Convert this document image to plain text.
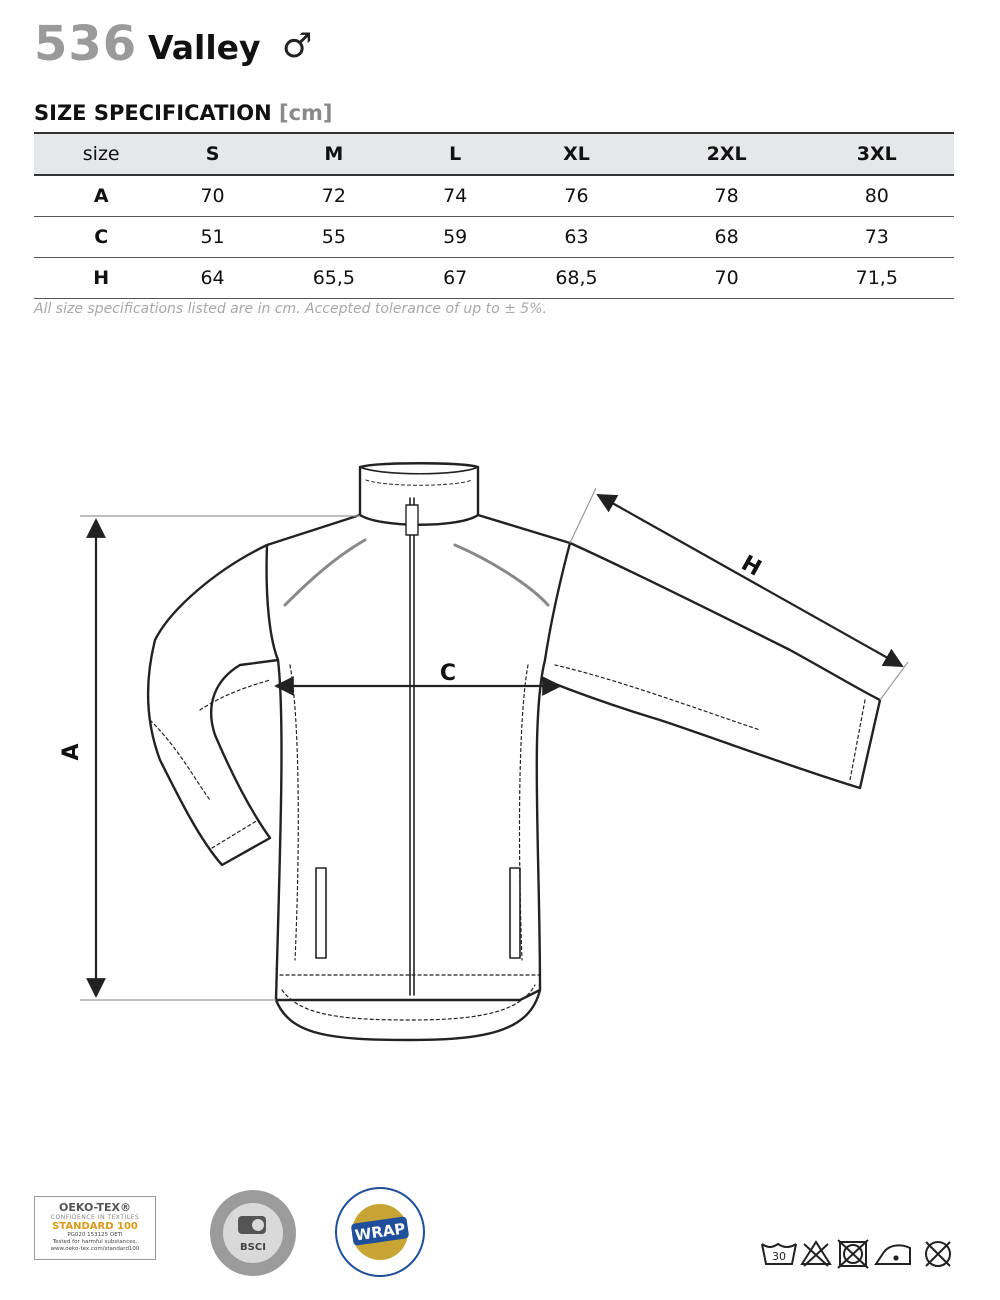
536 Valley ♂
SIZE SPECIFICATION [cm]
size	S	M	L	XL	2XL	3XL
A	70	72	74	76	78	80
C	51	55	59	63	68	73
H	64	65,5	67	68,5	70	71,5
All size specifications listed are in cm. Accepted tolerance of up to ± 5%.
A
C
H
OEKO-TEX®
CONFIDENCE IN TEXTILES
STANDARD 100
PG020 153125 OETI
Tested for harmful substances.
www.oeko-tex.com/standard100	BSCI
WRAP
30
